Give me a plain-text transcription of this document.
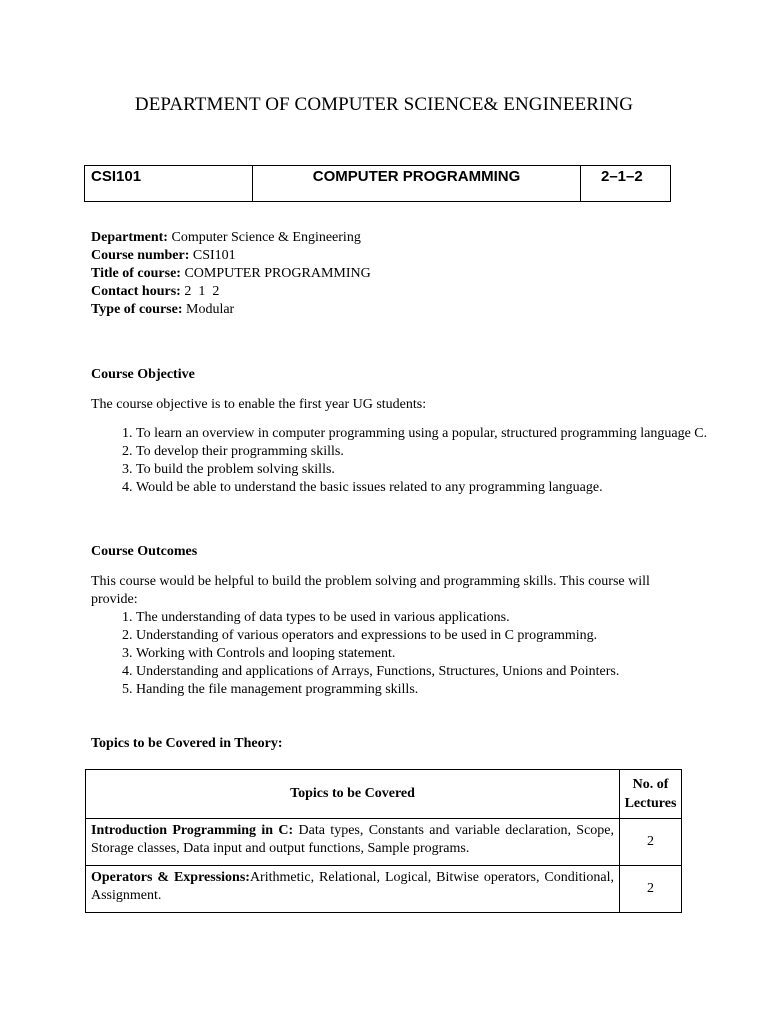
DEPARTMENT OF COMPUTER SCIENCE& ENGINEERING
CSI101	COMPUTER PROGRAMMING	2–1–2
Department: Computer Science & Engineering
Course number: CSI101
Title of course: COMPUTER PROGRAMMING
Contact hours: 2  1  2
Type of course: Modular
Course Objective
The course objective is to enable the first year UG students:
1. To learn an overview in computer programming using a popular, structured programming language C.
2. To develop their programming skills.
3. To build the problem solving skills.
4. Would be able to understand the basic issues related to any programming language.
Course Outcomes
This course would be helpful to build the problem solving and programming skills. This course will provide:
1. The understanding of data types to be used in various applications.
2. Understanding of various operators and expressions to be used in C programming.
3. Working with Controls and looping statement.
4. Understanding and applications of Arrays, Functions, Structures, Unions and Pointers.
5. Handing the file management programming skills.
Topics to be Covered in Theory:
Topics to be Covered	No. of Lectures
Introduction Programming in C: Data types, Constants and variable declaration, Scope, Storage classes, Data input and output functions, Sample programs.	2
Operators & Expressions:Arithmetic, Relational, Logical, Bitwise operators, Conditional, Assignment.	2
